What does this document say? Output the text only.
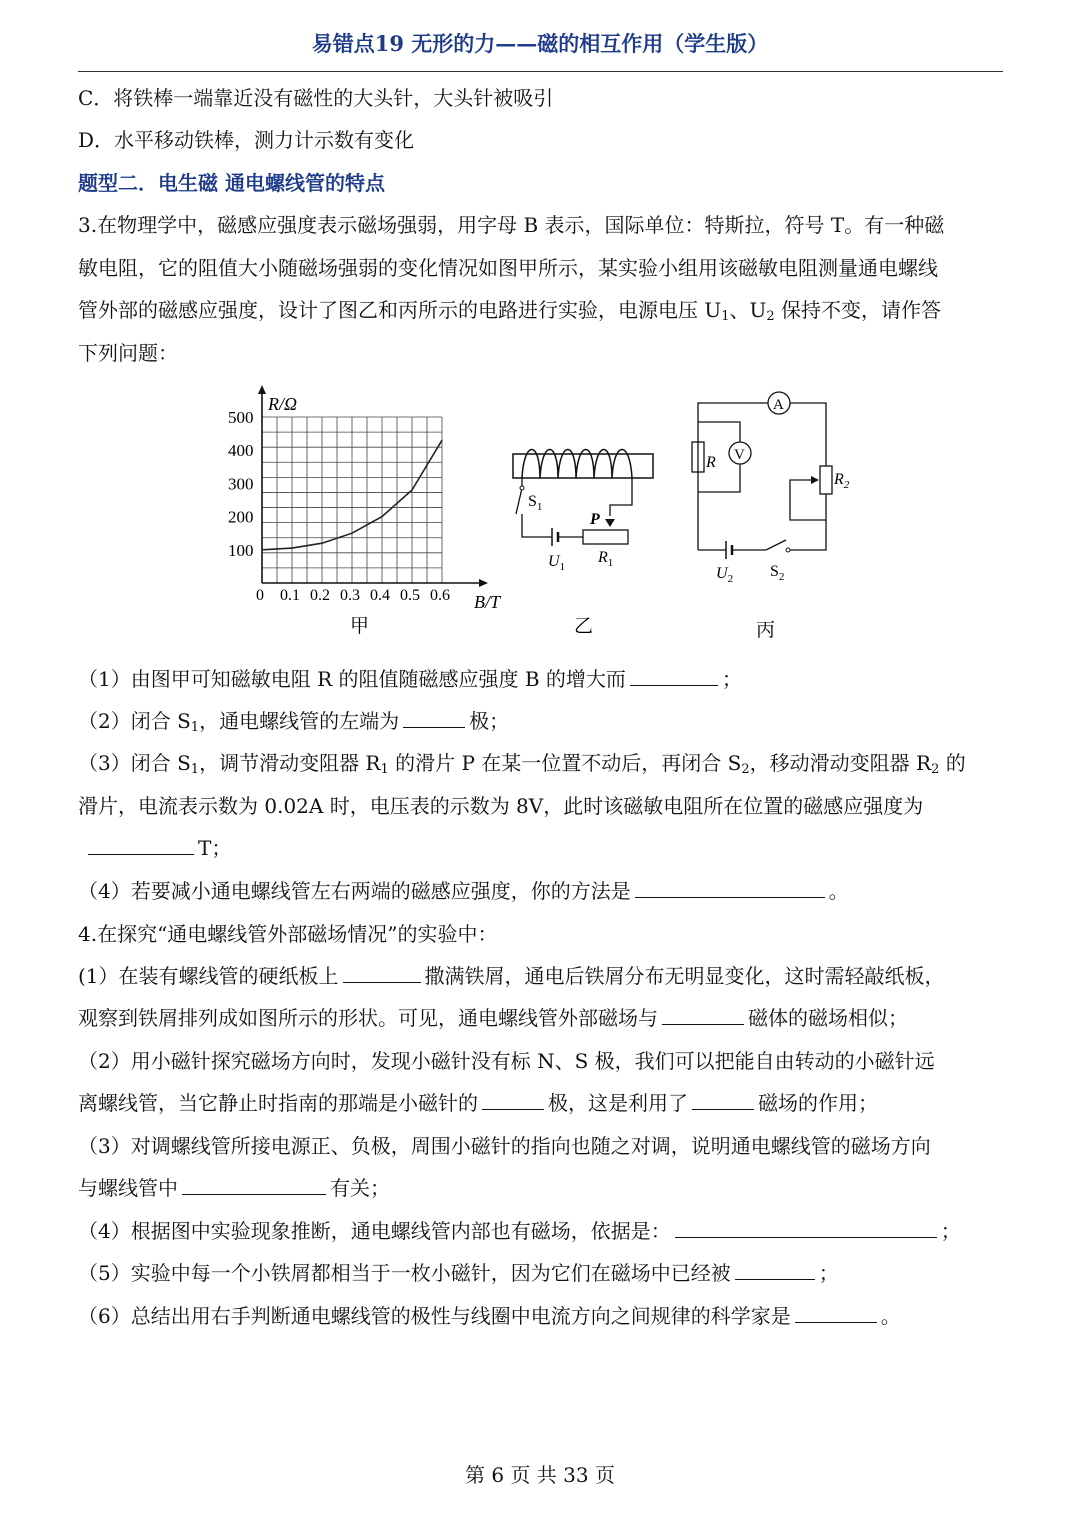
易错点19 无形的力——磁的相互作用（学生版）
C．将铁棒一端靠近没有磁性的大头针，大头针被吸引
D．水平移动铁棒，测力计示数有变化
题型二．电生磁 通电螺线管的特点
3.在物理学中，磁感应强度表示磁场强弱，用字母 B 表示，国际单位：特斯拉，符号 T。有一种磁
敏电阻，它的阻值大小随磁场强弱的变化情况如图甲所示，某实验小组用该磁敏电阻测量通电螺线
管外部的磁感应强度，设计了图乙和丙所示的电路进行实验，电源电压 $U_1$、$U_2$ 保持不变，请作答
下列问题：
R/Ω
B/T
0
500
400
300
200
100
0.1 0.2 0.3 0.4 0.5 0.6
甲
$S_1$
P
$U_1$
$R_1$
乙
A
R V
$R_2$
$U_2$ $S_2$
丙
（1）由图甲可知磁敏电阻 R 的阻值随磁感应强度 B 的增大而	；
（2）闭合 $S_1$，通电螺线管的左端为	极；
（3）闭合 $S_1$，调节滑动变阻器 $R_1$ 的滑片 P 在某一位置不动后，再闭合 $S_2$，移动滑动变阻器 $R_2$ 的
滑片，电流表示数为 0.02A 时，电压表的示数为 8V，此时该磁敏电阻所在位置的磁感应强度为
T；
（4）若要减小通电螺线管左右两端的磁感应强度，你的方法是	。
4.在探究“通电螺线管外部磁场情况”的实验中：
(1）在装有螺线管的硬纸板上	撒满铁屑，通电后铁屑分布无明显变化，这时需轻敲纸板，
观察到铁屑排列成如图所示的形状。可见，通电螺线管外部磁场与	磁体的磁场相似；
（2）用小磁针探究磁场方向时，发现小磁针没有标 N、S 极，我们可以把能自由转动的小磁针远
离螺线管，当它静止时指南的那端是小磁针的	极，这是利用了	磁场的作用；
（3）对调螺线管所接电源正、负极，周围小磁针的指向也随之对调，说明通电螺线管的磁场方向
与螺线管中	有关；
（4）根据图中实验现象推断，通电螺线管内部也有磁场，依据是：	；
（5）实验中每一个小铁屑都相当于一枚小磁针，因为它们在磁场中已经被	；
（6）总结出用右手判断通电螺线管的极性与线圈中电流方向之间规律的科学家是	。
第 6 页 共 33 页
